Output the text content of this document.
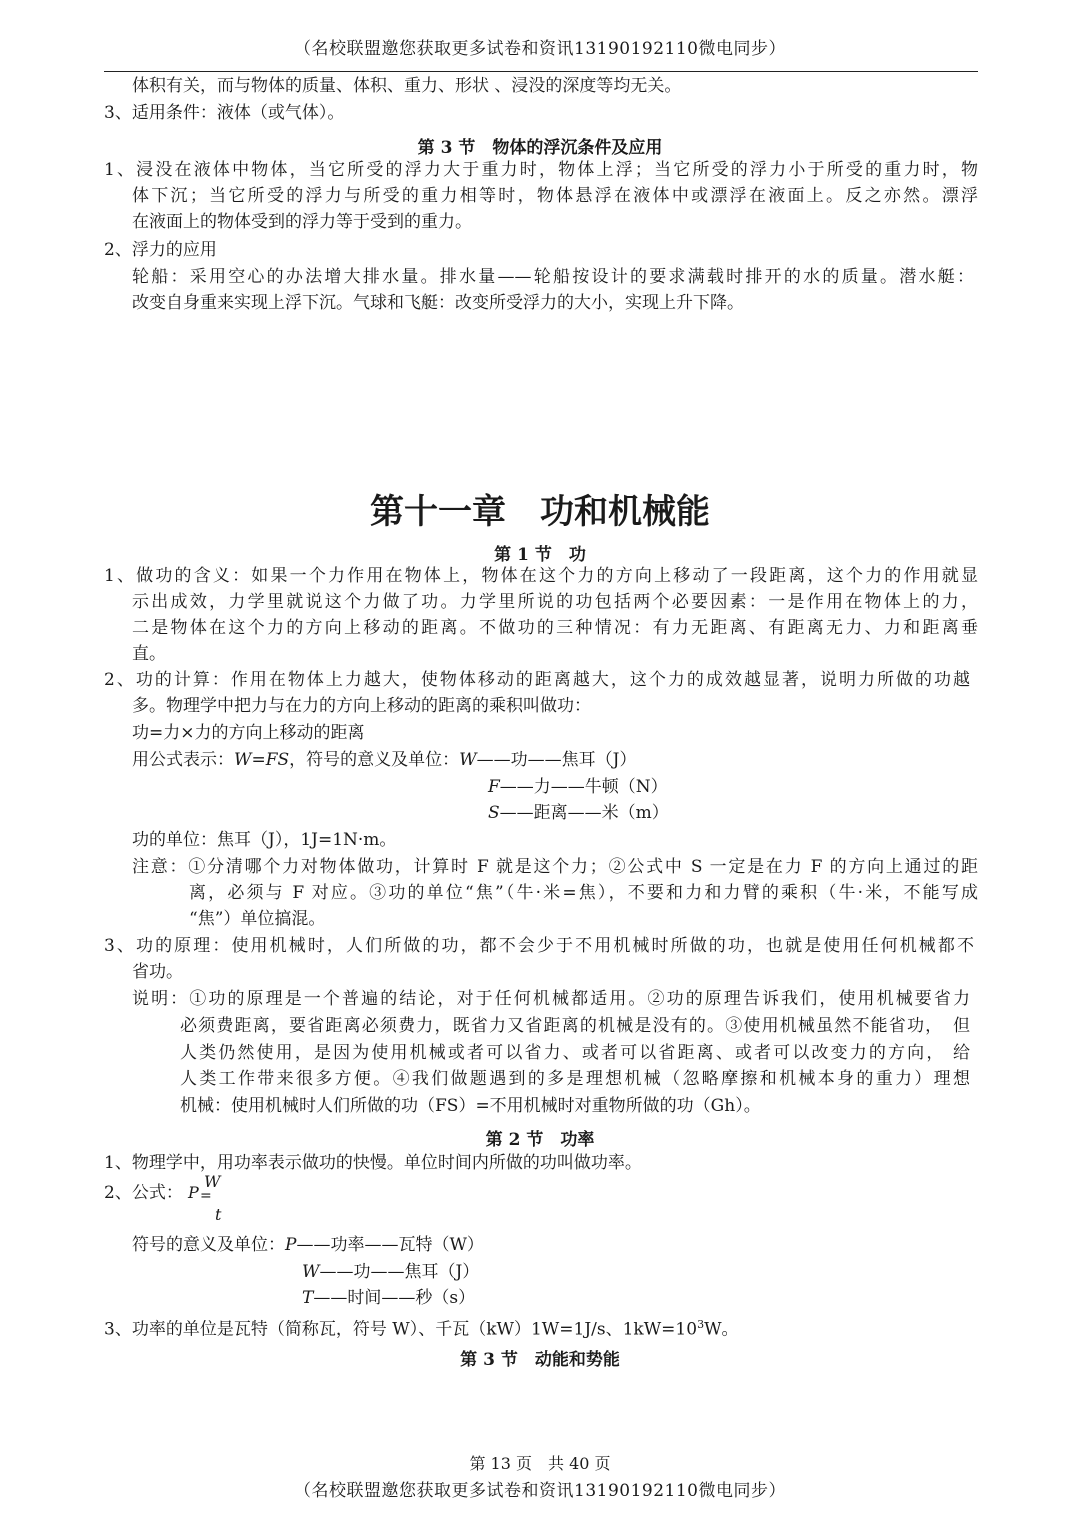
（名校联盟邀您获取更多试卷和资讯13190192110微电同步）
体积有关，而与物体的质量、体积、重力、形状 、浸没的深度等均无关。
3、适用条件：液体（或气体）。
第 3 节　物体的浮沉条件及应用
1、浸没在液体中物体，当它所受的浮力大于重力时，物体上浮；当它所受的浮力小于所受的重力时，物
体下沉；当它所受的浮力与所受的重力相等时，物体悬浮在液体中或漂浮在液面上。反之亦然。漂浮
在液面上的物体受到的浮力等于受到的重力。
2、浮力的应用
轮船：采用空心的办法增大排水量。排水量——轮船按设计的要求满载时排开的水的质量。潜水艇：
改变自身重来实现上浮下沉。气球和飞艇：改变所受浮力的大小，实现上升下降。
第十一章　功和机械能
第 1 节　功
1、做功的含义：如果一个力作用在物体上，物体在这个力的方向上移动了一段距离，这个力的作用就显
示出成效，力学里就说这个力做了功。力学里所说的功包括两个必要因素：一是作用在物体上的力，
二是物体在这个力的方向上移动的距离。不做功的三种情况：有力无距离、有距离无力、力和距离垂
直。
2、功的计算：作用在物体上力越大，使物体移动的距离越大，这个力的成效越显著，说明力所做的功越
多。物理学中把力与在力的方向上移动的距离的乘积叫做功：
功=力×力的方向上移动的距离
用公式表示：W=FS，符号的意义及单位：W——功——焦耳（J）
F——力——牛顿（N）
S——距离——米（m）
功的单位：焦耳（J），1J=1N·m。
注意：①分清哪个力对物体做功，计算时 F 就是这个力；②公式中 S 一定是在力 F 的方向上通过的距
离，必须与 F 对应。③功的单位“焦”（牛·米=焦），不要和力和力臂的乘积（牛·米，不能写成
“焦”）单位搞混。
3、功的原理：使用机械时，人们所做的功，都不会少于不用机械时所做的功，也就是使用任何机械都不
省功。
说明：①功的原理是一个普遍的结论，对于任何机械都适用。②功的原理告诉我们，使用机械要省力
必须费距离，要省距离必须费力，既省力又省距离的机械是没有的。③使用机械虽然不能省功，　但
人类仍然使用，是因为使用机械或者可以省力、或者可以省距离、或者可以改变力的方向， 给
人类工作带来很多方便。④我们做题遇到的多是理想机械（忽略摩擦和机械本身的重力）理想
机械：使用机械时人们所做的功（FS）=不用机械时对重物所做的功（Gh）。
第 2 节　功率
1、物理学中，用功率表示做功的快慢。单位时间内所做的功叫做功率。
2、公式： P =
W
t
符号的意义及单位：P——功率——瓦特（W）
W——功——焦耳（J）
T——时间——秒（s）
3、功率的单位是瓦特（简称瓦，符号 W）、千瓦（kW）1W=1J/s、$1kW=10^3W$。
第 3 节　动能和势能
第 13 页　共 40 页
（名校联盟邀您获取更多试卷和资讯13190192110微电同步）
